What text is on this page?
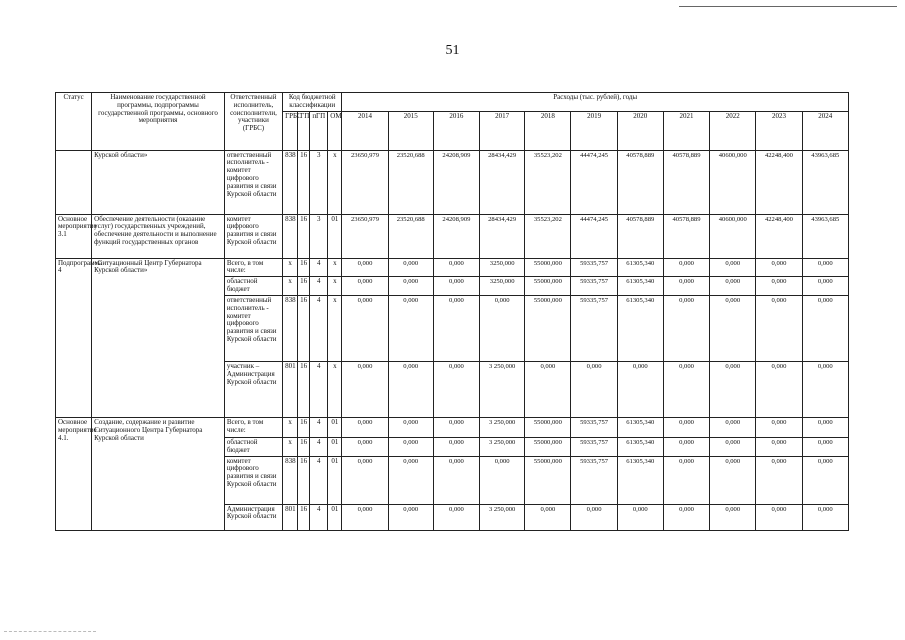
51
Статус	Наименование государственной программы, подпрограммы государственной программы, основного мероприятия	Ответственный исполнитель, соисполнители, участники (ГРБС)	Код бюджетной классификации				Расходы (тыс. рублей), годы										
			ГРБС	ГП	пГП	ОМ	2014	2015	2016	2017	2018	2019	2020	2021	2022	2023	2024
	Курской области»	ответственный исполнитель - комитет цифрового развития и связи Курской области	838	16	3	х	23650,979	23520,688	24208,909	28434,429	35523,202	44474,245	40578,889	40578,889	40600,000	42248,400	43963,685
Основное мероприятие 3.1	Обеспечение деятельности (оказание услуг) государственных учреждений, обеспечение деятельности и выполнение функций государственных органов	комитет цифрового развития и связи Курской области	838	16	3	01	23650,979	23520,688	24208,909	28434,429	35523,202	44474,245	40578,889	40578,889	40600,000	42248,400	43963,685
Подпрограмма 4	«Ситуационный Центр Губернатора Курской области»	Всего, в том числе:	х	16	4	х	0,000	0,000	0,000	3250,000	55000,000	59335,757	61305,340	0,000	0,000	0,000	0,000
		областной бюджет	х	16	4	х	0,000	0,000	0,000	3250,000	55000,000	59335,757	61305,340	0,000	0,000	0,000	0,000
		ответственный исполнитель - комитет цифрового развития и связи Курской области	838	16	4	х	0,000	0,000	0,000	0,000	55000,000	59335,757	61305,340	0,000	0,000	0,000	0,000
		участник – Администрация Курской области	801	16	4	х	0,000	0,000	0,000	3 250,000	0,000	0,000	0,000	0,000	0,000	0,000	0,000
Основное мероприятие 4.1.	Создание, содержание и развитие Ситуационного Центра Губернатора Курской области	Всего, в том числе:	х	16	4	01	0,000	0,000	0,000	3 250,000	55000,000	59335,757	61305,340	0,000	0,000	0,000	0,000
		областной бюджет	х	16	4	01	0,000	0,000	0,000	3 250,000	55000,000	59335,757	61305,340	0,000	0,000	0,000	0,000
		комитет цифрового развития и связи Курской области	838	16	4	01	0,000	0,000	0,000	0,000	55000,000	59335,757	61305,340	0,000	0,000	0,000	0,000
		Администрация Курской области	801	16	4	01	0,000	0,000	0,000	3 250,000	0,000	0,000	0,000	0,000	0,000	0,000	0,000
